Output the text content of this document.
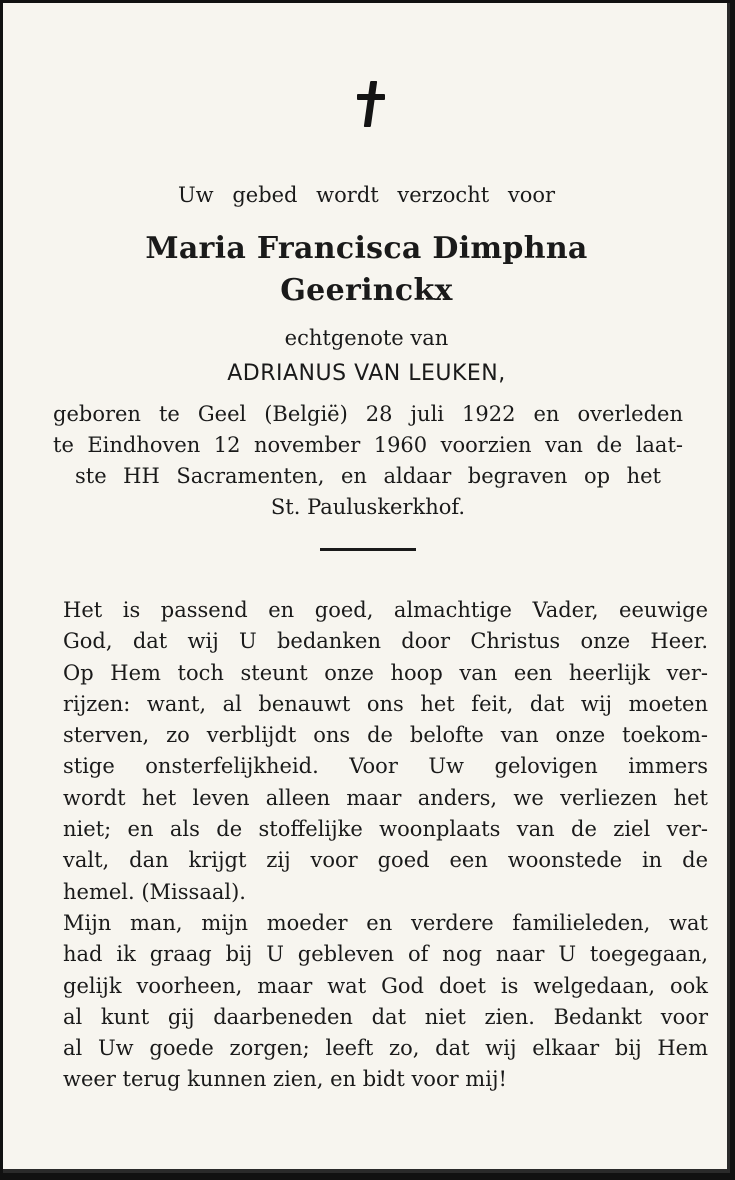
Uw gebed wordt verzocht voor
Maria Francisca Dimphna
Geerinckx
echtgenote van
ADRIANUS VAN LEUKEN,
geboren te Geel (België) 28 juli 1922 en overleden
te Eindhoven 12 november 1960 voorzien van de laat-
ste HH Sacramenten, en aldaar begraven op het
St. Pauluskerkhof.
Het is passend en goed, almachtige Vader, eeuwige
God, dat wij U bedanken door Christus onze Heer.
Op Hem toch steunt onze hoop van een heerlijk ver-
rijzen: want, al benauwt ons het feit, dat wij moeten
sterven, zo verblijdt ons de belofte van onze toekom-
stige onsterfelijkheid. Voor Uw gelovigen immers
wordt het leven alleen maar anders, we verliezen het
niet; en als de stoffelijke woonplaats van de ziel ver-
valt, dan krijgt zij voor goed een woonstede in de
hemel. (Missaal).
Mijn man, mijn moeder en verdere familieleden, wat
had ik graag bij U gebleven of nog naar U toegegaan,
gelijk voorheen, maar wat God doet is welgedaan, ook
al kunt gij daarbeneden dat niet zien. Bedankt voor
al Uw goede zorgen; leeft zo, dat wij elkaar bij Hem
weer terug kunnen zien, en bidt voor mij!
